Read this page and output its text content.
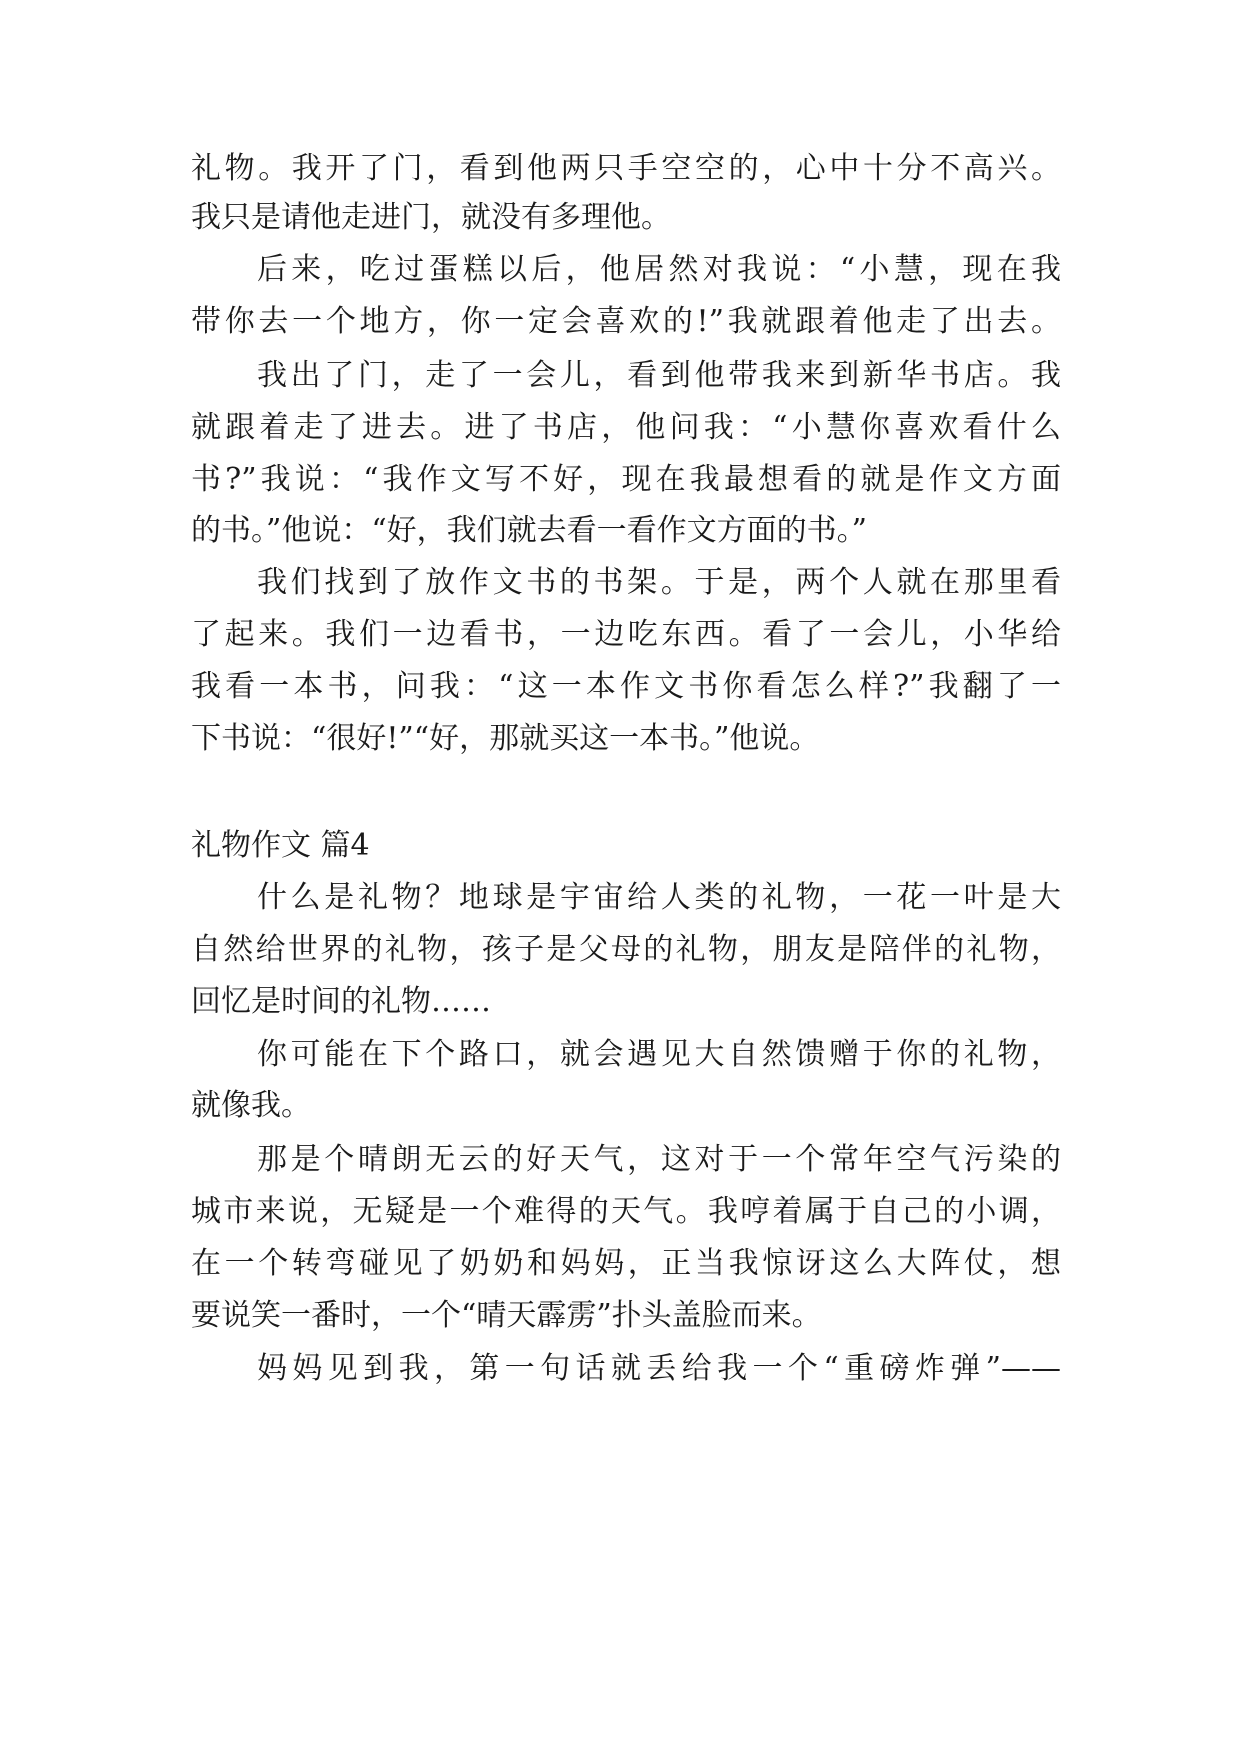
礼物。我开了门，看到他两只手空空的，心中十分不高兴。
我只是请他走进门，就没有多理他。
后来，吃过蛋糕以后，他居然对我说：“小慧，现在我
带你去一个地方，你一定会喜欢的!”我就跟着他走了出去。
我出了门，走了一会儿，看到他带我来到新华书店。我
就跟着走了进去。进了书店，他问我：“小慧你喜欢看什么
书?”我说：“我作文写不好，现在我最想看的就是作文方面
的书。”他说：“好，我们就去看一看作文方面的书。”
我们找到了放作文书的书架。于是，两个人就在那里看
了起来。我们一边看书，一边吃东西。看了一会儿，小华给
我看一本书，问我：“这一本作文书你看怎么样?”我翻了一
下书说：“很好!”“好，那就买这一本书。”他说。
礼物作文 篇4
什么是礼物？地球是宇宙给人类的礼物，一花一叶是大
自然给世界的礼物，孩子是父母的礼物，朋友是陪伴的礼物，
回忆是时间的礼物……
你可能在下个路口，就会遇见大自然馈赠于你的礼物，
就像我。
那是个晴朗无云的好天气，这对于一个常年空气污染的
城市来说，无疑是一个难得的天气。我哼着属于自己的小调，
在一个转弯碰见了奶奶和妈妈，正当我惊讶这么大阵仗，想
要说笑一番时，一个“晴天霹雳”扑头盖脸而来。
妈妈见到我，第一句话就丢给我一个“重磅炸弹”——
